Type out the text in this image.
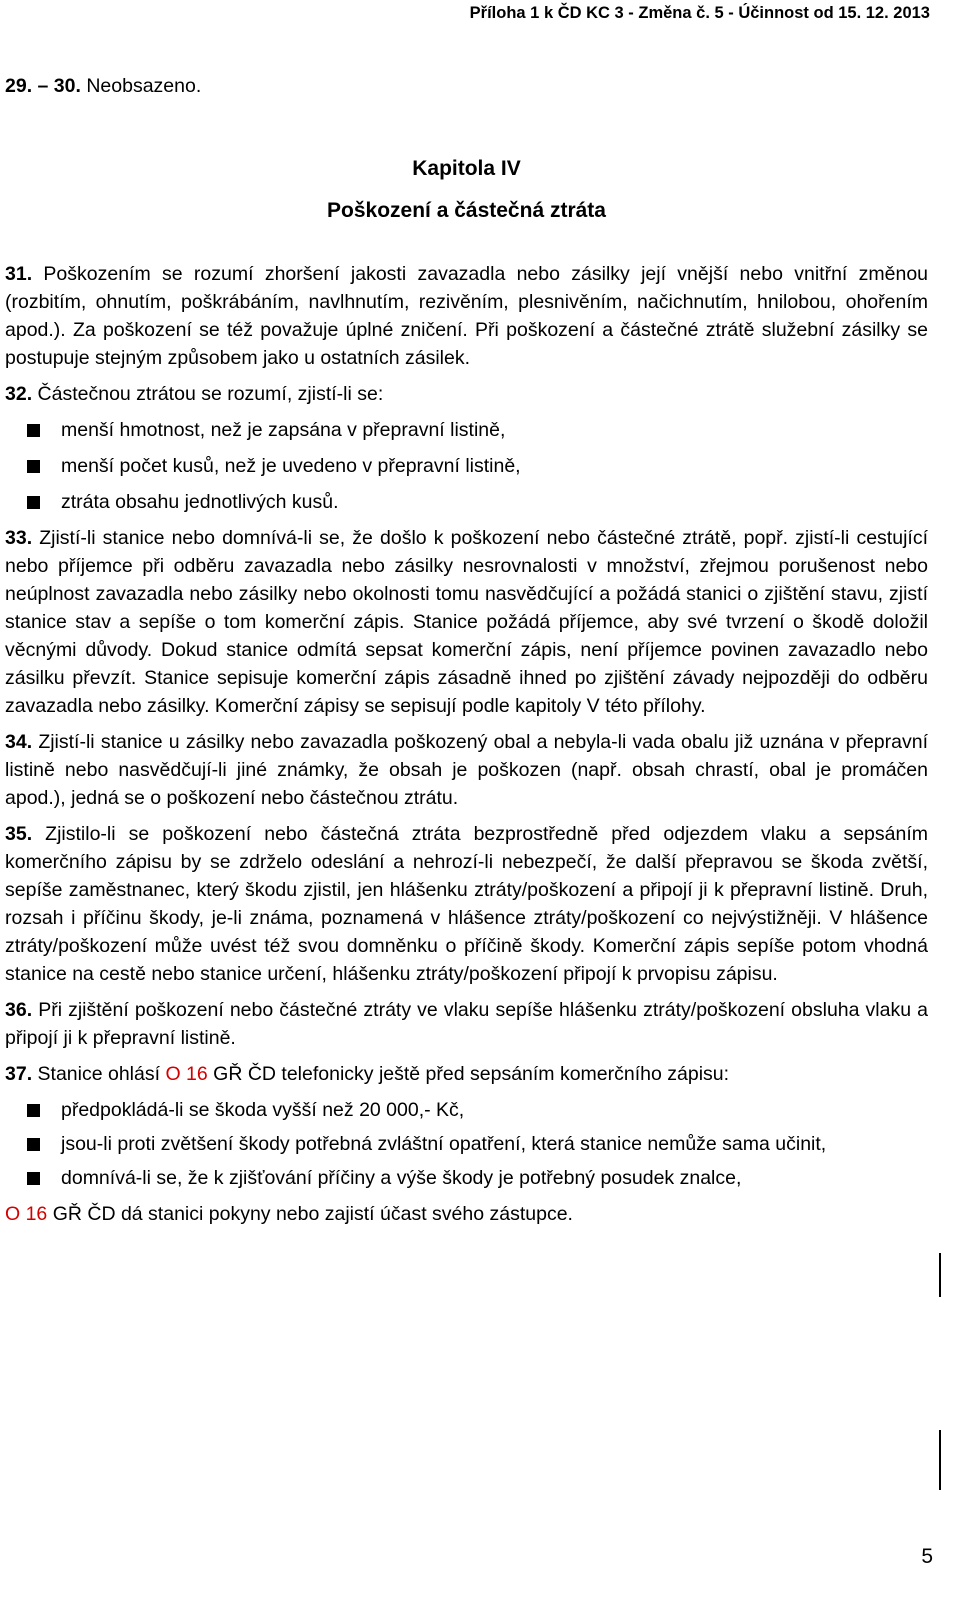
Příloha 1 k ČD KC 3 - Změna č. 5 - Účinnost od 15. 12. 2013

29. – 30. Neobsazeno.

Kapitola IV

Poškození a částečná ztráta

31. Poškozením se rozumí zhoršení jakosti zavazadla nebo zásilky její vnější nebo vnitřní změnou (rozbitím, ohnutím, poškrábáním, navlhnutím, rezivěním, plesnivěním, načichnutím, hnilobou, ohořením apod.). Za poškození se též považuje úplné zničení. Při poškození a částečné ztrátě služební zásilky se postupuje stejným způsobem jako u ostatních zásilek.

32. Částečnou ztrátou se rozumí, zjistí-li se:

menší hmotnost, než je zapsána v přepravní listině,
menší počet kusů, než je uvedeno v přepravní listině,
ztráta obsahu jednotlivých kusů.

33. Zjistí-li stanice nebo domnívá-li se, že došlo k poškození nebo částečné ztrátě, popř. zjistí-li cestující nebo příjemce při odběru zavazadla nebo zásilky nesrovnalosti v množství, zřejmou porušenost nebo neúplnost zavazadla nebo zásilky nebo okolnosti tomu nasvědčující a požádá stanici o zjištění stavu, zjistí stanice stav a sepíše o tom komerční zápis. Stanice požádá příjemce, aby své tvrzení o škodě doložil věcnými důvody. Dokud stanice odmítá sepsat komerční zápis, není příjemce povinen zavazadlo nebo zásilku převzít. Stanice sepisuje komerční zápis zásadně ihned po zjištění závady nejpozději do odběru zavazadla nebo zásilky. Komerční zápisy se sepisují podle kapitoly V této přílohy.

34. Zjistí-li stanice u zásilky nebo zavazadla poškozený obal a nebyla-li vada obalu již uznána v přepravní listině nebo nasvědčují-li jiné známky, že obsah je poškozen (např. obsah chrastí, obal je promáčen apod.), jedná se o poškození nebo částečnou ztrátu.

35. Zjistilo-li se poškození nebo částečná ztráta bezprostředně před odjezdem vlaku a sepsáním komerčního zápisu by se zdrželo odeslání a nehrozí-li nebezpečí, že další přepravou se škoda zvětší, sepíše zaměstnanec, který škodu zjistil, jen hlášenku ztráty/poškození a připojí ji k přepravní listině. Druh, rozsah i příčinu škody, je-li známa, poznamená v hlášence ztráty/poškození co nejvýstižněji. V hlášence ztráty/poškození může uvést též svou domněnku o příčině škody. Komerční zápis sepíše potom vhodná stanice na cestě nebo stanice určení, hlášenku ztráty/poškození připojí k prvopisu zápisu.

36. Při zjištění poškození nebo částečné ztráty ve vlaku sepíše hlášenku ztráty/poškození obsluha vlaku a připojí ji k přepravní listině.

37. Stanice ohlásí O 16 GŘ ČD telefonicky ještě před sepsáním komerčního zápisu:

předpokládá-li se škoda vyšší než 20 000,- Kč,
jsou-li proti zvětšení škody potřebná zvláštní opatření, která stanice nemůže sama učinit,
domnívá-li se, že k zjišťování příčiny a výše škody je potřebný posudek znalce,

O 16 GŘ ČD dá stanici pokyny nebo zajistí účast svého zástupce.

5
